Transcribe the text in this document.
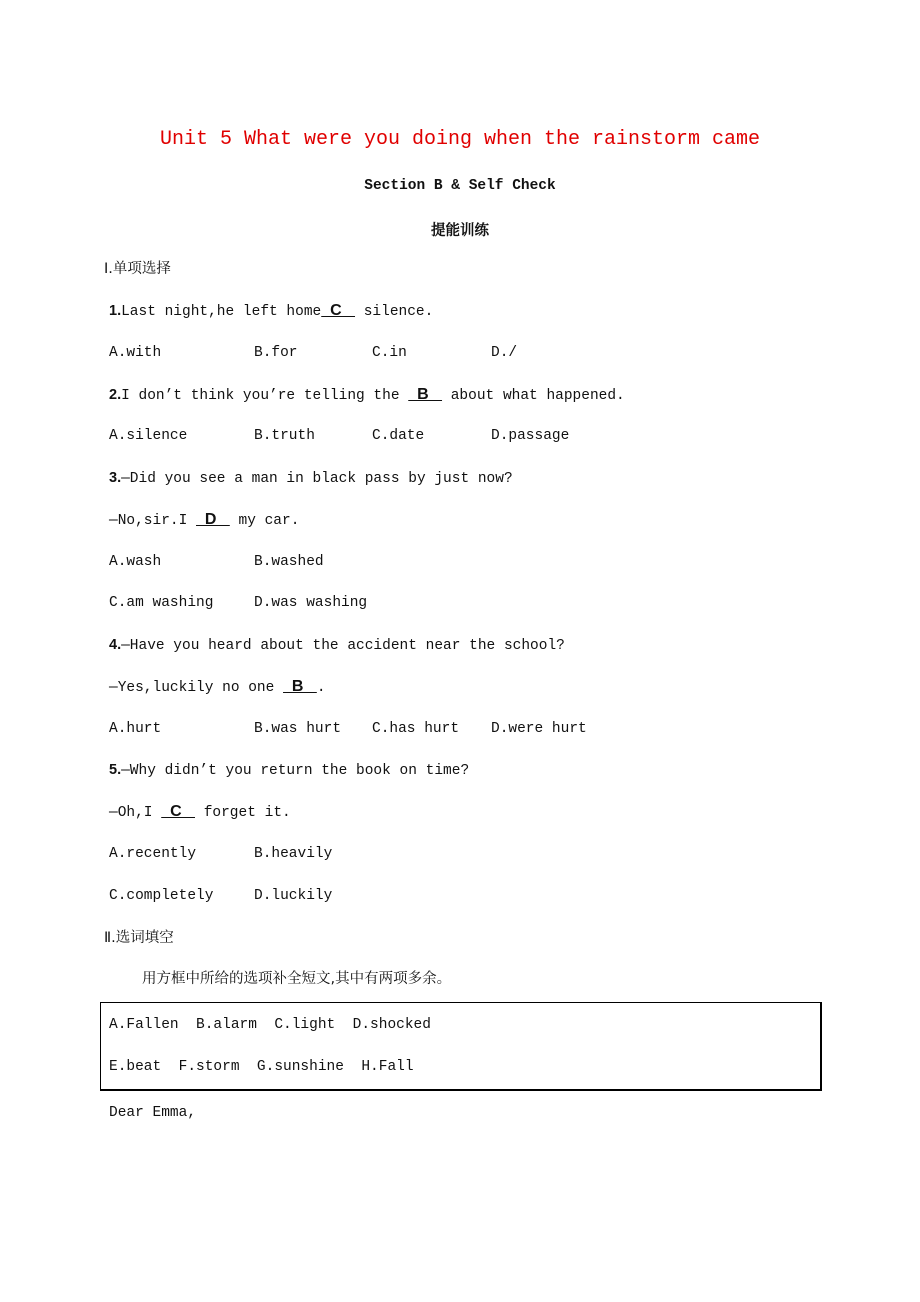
Unit 5 What were you doing when the rainstorm came
Section B & Self Check
提能训练
Ⅰ.单项选择
1.Last night,he left home  C    silence.
A.with	B.for	C.in	D./
2.I don’t think you’re telling the   B    about what happened.
A.silence	B.truth	C.date	D.passage
3.—Did you see a man in black pass by just now?
—No,sir.I   D    my car.
A.wash	B.washed
C.am washing	D.was washing
4.—Have you heard about the accident near the school?
—Yes,luckily no one   B   .
A.hurt	B.was hurt C.has hurt D.were hurt
5.—Why didn’t you return the book on time?
—Oh,I   C    forget it.
A.recently	B.heavily
C.completely	D.luckily
Ⅱ.选词填空
用方框中所给的选项补全短文,其中有两项多余。
A.Fallen  B.alarm  C.light  D.shocked
E.beat  F.storm  G.sunshine  H.Fall
Dear Emma,
